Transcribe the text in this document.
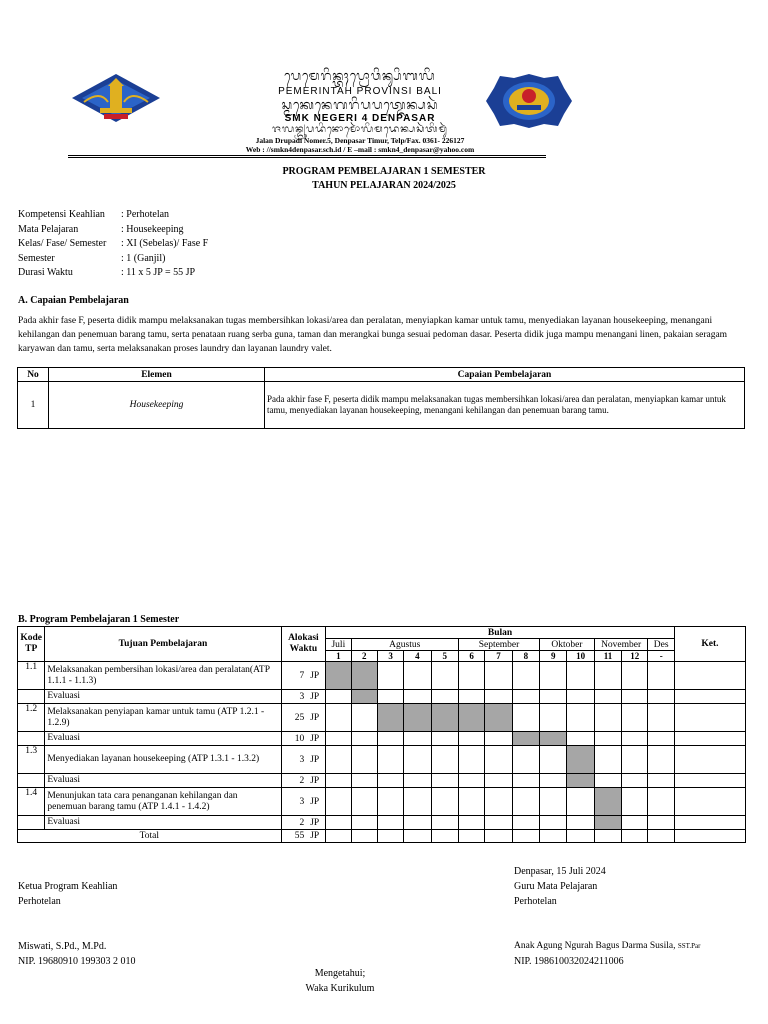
ᬧᬾᬫᬾᬭᬶᬦ᭄ᬢᬄᬧ᭄ᬭᭀᬯᬶᬦ᭄ᬲᬶᬩᬮᬶ
PEMERINTAH PROVINSI BALI
ᬲ᭄ᬫᬓᬾᬦᬾᬕᬭᬶᬧᬧᬢ᭄ᬤᬾᬦ᭄ᬧᬲᬃ
SMK NEGERI 4 DENPASAR
ᬚᬮᬦ᭄ᬤ᭄ᬭᬸᬧᬤᬶᬦᭀᬫᭀᬃᬮᬶᬫᬤᬾᬦ᭄ᬧᬲᬃᬢᬶᬫᬸᬃ
Jalan Drupadi Nomer.5, Denpasar Timur, Telp/Fax. 0361- 226127
Web : //smkn4denpasar.sch.id / E –mail : smkn4_denpasar@yahoo.com
PROGRAM PEMBELAJARAN 1 SEMESTER
TAHUN PELAJARAN 2024/2025
Kompetensi Keahlian : Perhotelan
Mata Pelajaran	: Housekeeping
Kelas/ Fase/ Semester : XI (Sebelas)/ Fase F
Semester	: 1 (Ganjil)
Durasi Waktu	: 11 x 5 JP = 55 JP
A. Capaian Pembelajaran
Pada akhir fase F, peserta didik mampu melaksanakan tugas membersihkan lokasi/area dan peralatan, menyiapkan kamar untuk tamu, menyediakan layanan housekeeping, menangani kehilangan dan penemuan barang tamu, serta penataan ruang serba guna, taman dan merangkai bunga sesuai pedoman dasar. Peserta didik juga mampu menangani linen, pakaian seragam karyawan dan tamu, serta melaksanakan proses laundry dan layanan laundry valet.
No	Elemen	Capaian Pembelajaran
1	Housekeeping	Pada akhir fase F, peserta didik mampu melaksanakan tugas membersihkan lokasi/area dan peralatan, menyiapkan kamar untuk tamu, menyediakan layanan housekeeping, menangani kehilangan dan penemuan barang tamu.
B. Program Pembelajaran 1 Semester
Kode TP	Tujuan Pembelajaran	Alokasi Waktu	Bulan													Ket.
			Juli	Agustus				September			Oktober		November		Des	
			1	2	3	4	5	6	7	8	9	10	11	12	-	
1.1	Melaksanakan pembersihan lokasi/area dan peralatan(ATP 1.1.1 - 1.1.3)	7 JP														
	Evaluasi	3 JP														
1.2	Melaksanakan penyiapan kamar untuk tamu (ATP 1.2.1 - 1.2.9)	25 JP														
	Evaluasi	10 JP														
1.3	Menyediakan layanan housekeeping (ATP 1.3.1 - 1.3.2)	3 JP														
	Evaluasi	2 JP														
1.4	Menunjukan tata cara penanganan kehilangan dan penemuan barang tamu (ATP 1.4.1 - 1.4.2)	3 JP														
	Evaluasi	2 JP														
Total		55 JP														
Denpasar, 15 Juli 2024
Guru Mata Pelajaran
Perhotelan
Anak Agung Ngurah Bagus Darma Susila, SST.Par
NIP. 198610032024211006
Ketua Program Keahlian
Perhotelan
Miswati, S.Pd., M.Pd.
NIP. 19680910 199303 2 010
Mengetahui;
Waka Kurikulum
